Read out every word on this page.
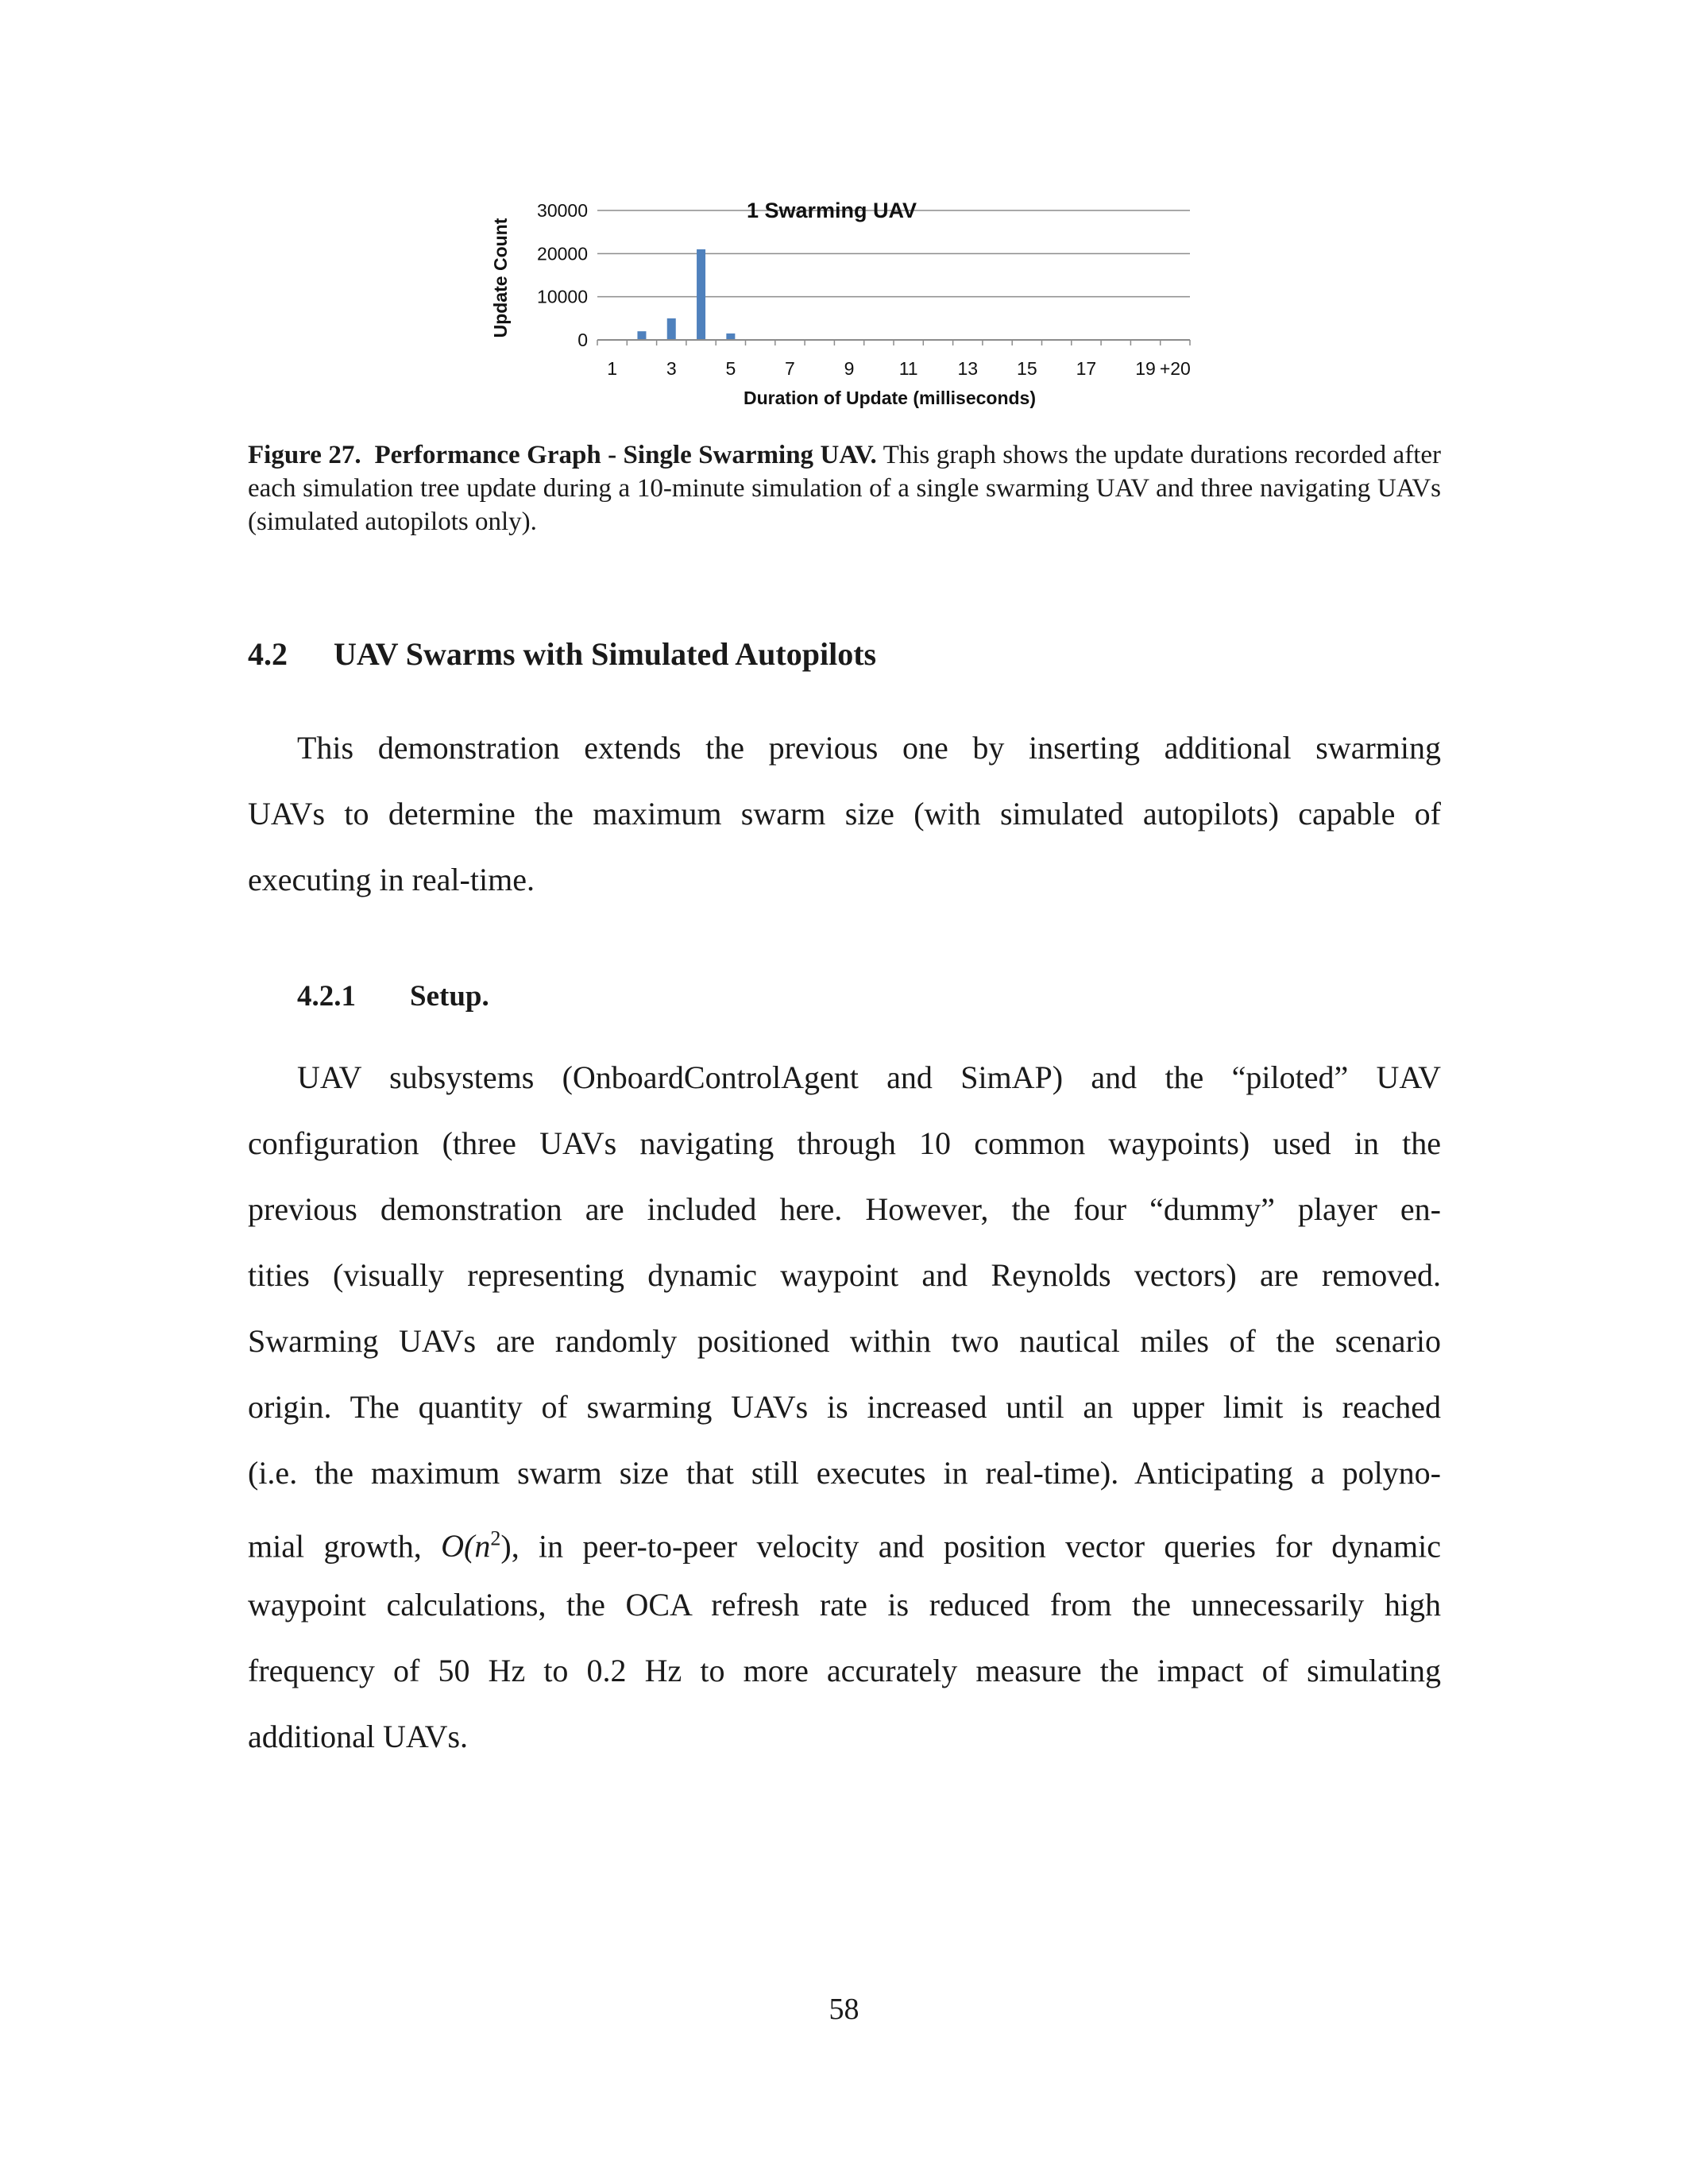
Update Count
0
10000
20000
30000
1	3	5	7	9 11 13 15 17 19 +20
1 Swarming UAV
Duration of Update (milliseconds)
Figure 27. Performance Graph - Single Swarming UAV. This graph shows the update durations recorded after each simulation tree update during a 10-minute simulation of a single swarming UAV and three navigating UAVs (simulated autopilots only).
4.2 UAV Swarms with Simulated Autopilots
This demonstration extends the previous one by inserting additional swarming
UAVs to determine the maximum swarm size (with simulated autopilots) capable of
executing in real-time.
4.2.1 Setup.
UAV subsystems (OnboardControlAgent and SimAP) and the “piloted” UAV
configuration (three UAVs navigating through 10 common waypoints) used in the
previous demonstration are included here. However, the four “dummy” player en-
tities (visually representing dynamic waypoint and Reynolds vectors) are removed.
Swarming UAVs are randomly positioned within two nautical miles of the scenario
origin. The quantity of swarming UAVs is increased until an upper limit is reached
(i.e. the maximum swarm size that still executes in real-time). Anticipating a polyno-
mial growth, $O(n^2)$, in peer-to-peer velocity and position vector queries for dynamic
waypoint calculations, the OCA refresh rate is reduced from the unnecessarily high
frequency of 50 Hz to 0.2 Hz to more accurately measure the impact of simulating
additional UAVs.
58
